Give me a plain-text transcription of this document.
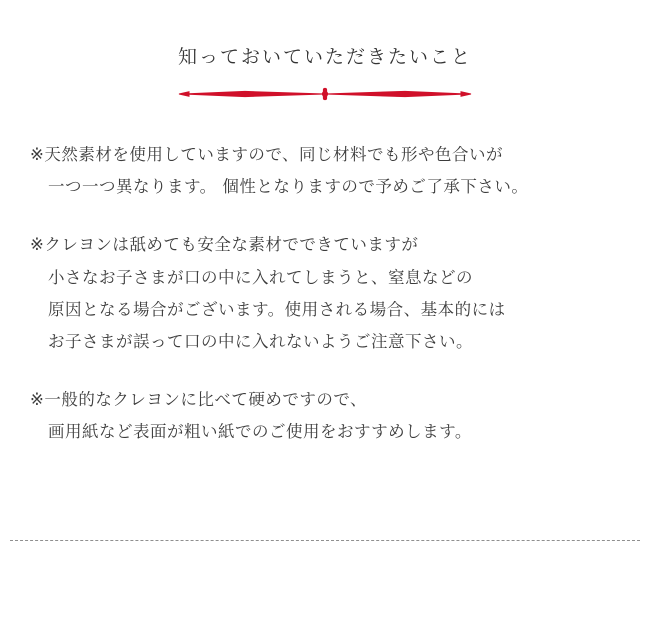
知っておいていただきたいこと
※天然素材を使用していますので、同じ材料でも形や色合いが
一つ一つ異なります。 個性となりますので予めご了承下さい。
※クレヨンは舐めても安全な素材でできていますが
小さなお子さまが口の中に入れてしまうと、窒息などの
原因となる場合がございます。使用される場合、基本的には
お子さまが誤って口の中に入れないようご注意下さい。
※一般的なクレヨンに比べて硬めですので、
画用紙など表面が粗い紙でのご使用をおすすめします。
